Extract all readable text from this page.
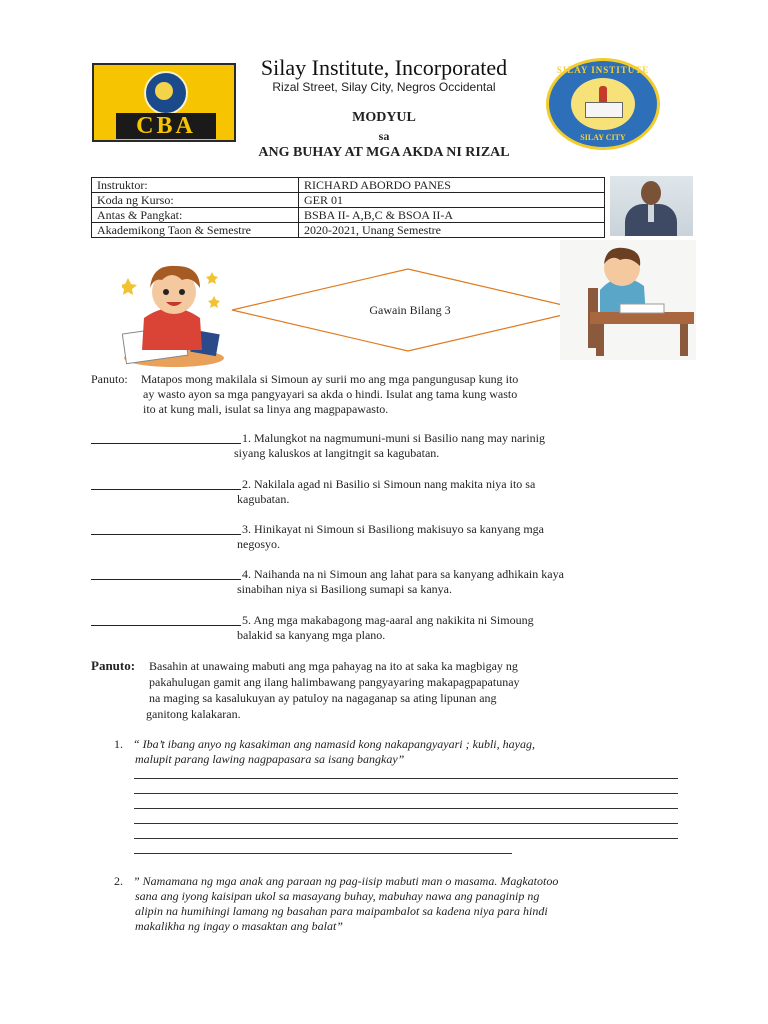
CBA
Silay Institute, Incorporated
Rizal Street, Silay City, Negros Occidental
SILAY INSTITUTE
SILAY CITY
MODYUL
sa
ANG BUHAY AT MGA AKDA NI RIZAL
Instruktor:	RICHARD ABORDO PANES
Koda ng Kurso:	GER 01
Antas & Pangkat:	BSBA II- A,B,C & BSOA II-A
Akademikong Taon & Semestre	2020-2021, Unang Semestre
Gawain Bilang 3
Panuto: Matapos mong makilala si Simoun ay surii mo ang mga pangungusap kung ito
ay wasto ayon sa mga pangyayari sa akda o hindi. Isulat ang tama kung wasto
ito at kung mali, isulat sa linya ang magpapawasto.
1. Malungkot na nagmumuni-muni si Basilio nang may narinig
siyang kaluskos at langitngit sa kagubatan.
2. Nakilala agad ni Basilio si Simoun nang makita niya ito sa
kagubatan.
3. Hinikayat ni Simoun si Basiliong makisuyo sa kanyang mga
negosyo.
4. Naihanda na ni Simoun ang lahat para sa kanyang adhikain kaya
sinabihan niya si Basiliong sumapi sa kanya.
5. Ang mga makabagong mag-aaral ang nakikita ni Simoung
balakid sa kanyang mga plano.
Panuto: Basahin at unawaing mabuti ang mga pahayag na ito at saka ka magbigay ng
pakahulugan gamit ang ilang halimbawang pangyayaring makapagpapatunay
na maging sa kasalukuyan ay patuloy na nagaganap sa ating lipunan ang
ganitong kalakaran.
1. “ Iba’t ibang anyo ng kasakiman ang namasid kong nakapangyayari ; kubli, hayag,
malupit parang lawing nagpapasara sa isang bangkay”
2. ” Namamana ng mga anak ang paraan ng pag-iisip mabuti man o masama. Magkatotoo
sana ang iyong kaisipan ukol sa masayang buhay, mabuhay nawa ang panaginip ng
alipin na humihingi lamang ng basahan para maipambalot sa kadena niya para hindi
makalikha ng ingay o masaktan ang balat”
